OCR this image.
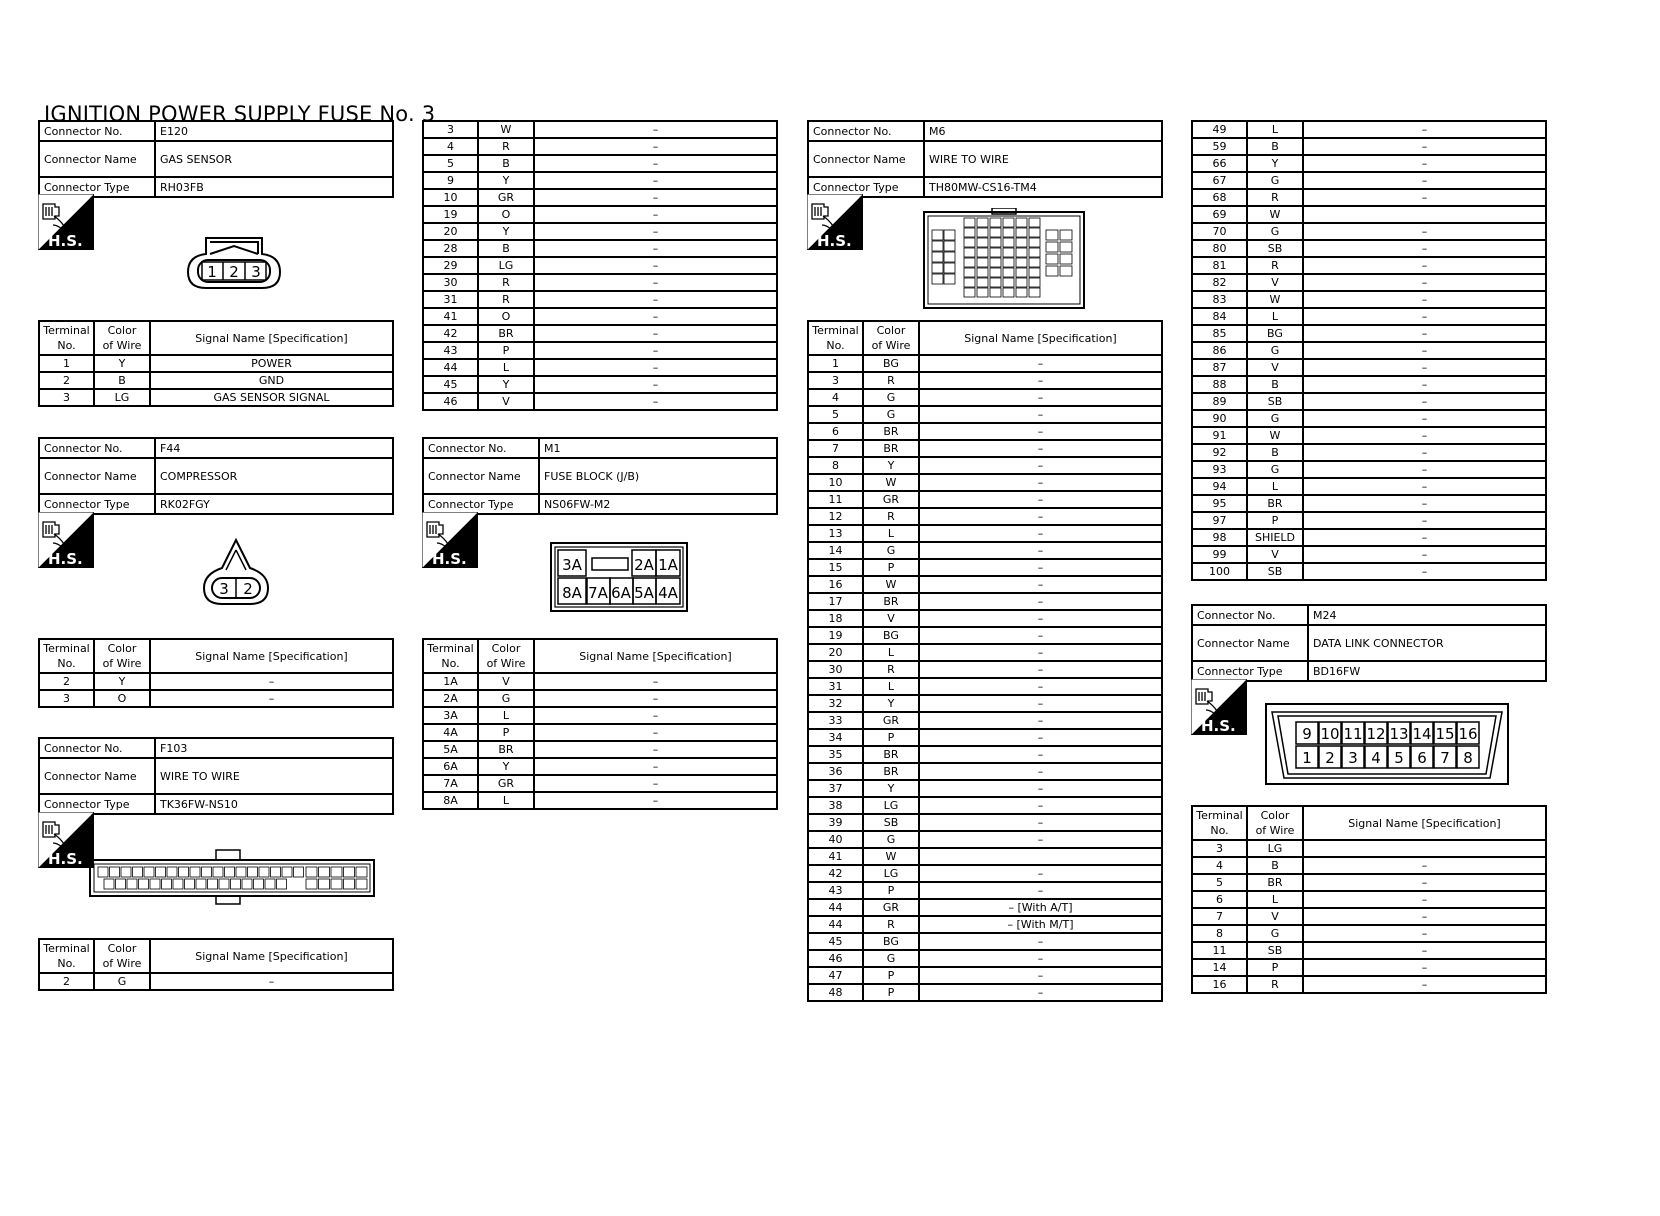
IGNITION POWER SUPPLY FUSE No. 3
Connector No.	E120
Connector Name	GAS SENSOR
Connector Type	RH03FB
H.S.
1 2 3
Terminal
No.	Color
of Wire	Signal Name [Specification]
1	Y	POWER
2	B	GND
3	LG	GAS SENSOR SIGNAL
Connector No.	F44
Connector Name	COMPRESSOR
Connector Type	RK02FGY
H.S.
3 2
Terminal
No.	Color
of Wire	Signal Name [Specification]
2	Y	–
3	O	–
Connector No.	F103
Connector Name	WIRE TO WIRE
Connector Type	TK36FW-NS10
H.S.
Terminal
No.	Color
of Wire	Signal Name [Specification]
2	G	–
3	W	–
4	R	–
5	B	–
9	Y	–
10	GR	–
19	O	–
20	Y	–
28	B	–
29	LG	–
30	R	–
31	R	–
41	O	–
42	BR	–
43	P	–
44	L	–
45	Y	–
46	V	–
Connector No.	M1
Connector Name	FUSE BLOCK (J/B)
Connector Type	NS06FW-M2
H.S.	3A	2A 1A
8A 7A 6A 5A 4A
Terminal
No.	Color
of Wire	Signal Name [Specification]
1A	V	–
2A	G	–
3A	L	–
4A	P	–
5A	BR	–
6A	Y	–
7A	GR	–
8A	L	–
Connector No.	M6
Connector Name	WIRE TO WIRE
Connector Type	TH80MW-CS16-TM4
H.S.
Terminal
No.	Color
of Wire	Signal Name [Specification]
1	BG	–
3	R	–
4	G	–
5	G	–
6	BR	–
7	BR	–
8	Y	–
10	W	–
11	GR	–
12	R	–
13	L	–
14	G	–
15	P	–
16	W	–
17	BR	–
18	V	–
19	BG	–
20	L	–
30	R	–
31	L	–
32	Y	–
33	GR	–
34	P	–
35	BR	–
36	BR	–
37	Y	–
38	LG	–
39	SB	–
40	G	–
41	W	
42	LG	–
43	P	–
44	GR	– [With A/T]
44	R	– [With M/T]
45	BG	–
46	G	–
47	P	–
48	P	–
49	L	–
59	B	–
66	Y	–
67	G	–
68	R	–
69	W	
70	G	–
80	SB	–
81	R	–
82	V	–
83	W	–
84	L	–
85	BG	–
86	G	–
87	V	–
88	B	–
89	SB	–
90	G	–
91	W	–
92	B	–
93	G	–
94	L	–
95	BR	–
97	P	–
98	SHIELD	–
99	V	–
100	SB	–
Connector No.	M24
Connector Name	DATA LINK CONNECTOR
Connector Type	BD16FW
H.S.	9 10 11 12 13 14 15 16
1 2 3 4 5 6 7 8
Terminal
No.	Color
of Wire	Signal Name [Specification]
3	LG	
4	B	–
5	BR	–
6	L	–
7	V	–
8	G	–
11	SB	–
14	P	–
16	R	–
